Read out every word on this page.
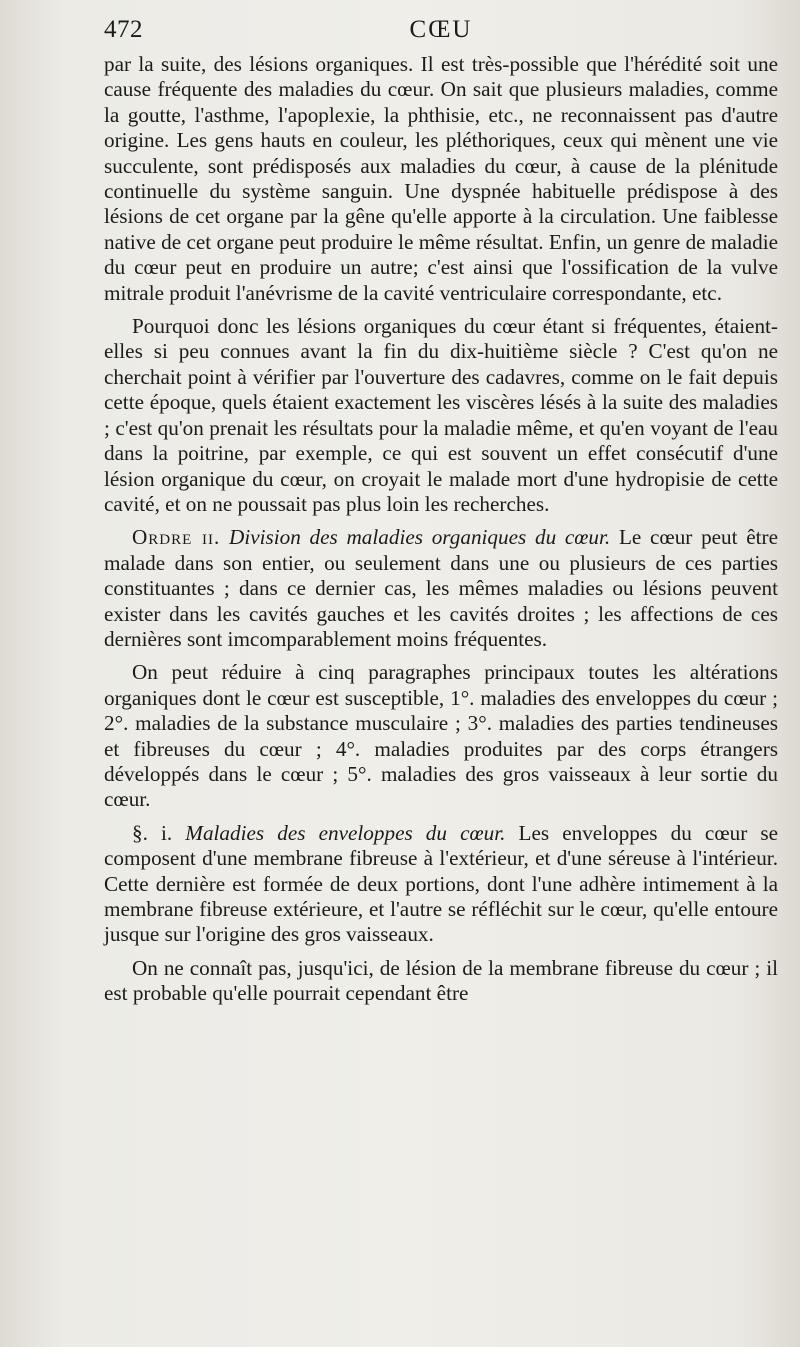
472	CŒU

par la suite, des lésions organiques. Il est très-possible que l'hérédité soit une cause fréquente des maladies du cœur. On sait que plusieurs maladies, comme la goutte, l'asthme, l'apoplexie, la phthisie, etc., ne reconnaissent pas d'autre origine. Les gens hauts en couleur, les pléthoriques, ceux qui mènent une vie succulente, sont prédisposés aux maladies du cœur, à cause de la plénitude continuelle du système sanguin. Une dyspnée habituelle prédispose à des lésions de cet organe par la gêne qu'elle apporte à la circulation. Une faiblesse native de cet organe peut produire le même résultat. Enfin, un genre de maladie du cœur peut en produire un autre; c'est ainsi que l'ossification de la vulve mitrale produit l'anévrisme de la cavité ventriculaire correspondante, etc.

Pourquoi donc les lésions organiques du cœur étant si fréquentes, étaient-elles si peu connues avant la fin du dix-huitième siècle ? C'est qu'on ne cherchait point à vérifier par l'ouverture des cadavres, comme on le fait depuis cette époque, quels étaient exactement les viscères lésés à la suite des maladies ; c'est qu'on prenait les résultats pour la maladie même, et qu'en voyant de l'eau dans la poitrine, par exemple, ce qui est souvent un effet consécutif d'une lésion organique du cœur, on croyait le malade mort d'une hydropisie de cette cavité, et on ne poussait pas plus loin les recherches.

Ordre ii. Division des maladies organiques du cœur. Le cœur peut être malade dans son entier, ou seulement dans une ou plusieurs de ces parties constituantes ; dans ce dernier cas, les mêmes maladies ou lésions peuvent exister dans les cavités gauches et les cavités droites ; les affections de ces dernières sont imcomparablement moins fréquentes.

On peut réduire à cinq paragraphes principaux toutes les altérations organiques dont le cœur est susceptible, 1°. maladies des enveloppes du cœur ; 2°. maladies de la substance musculaire ; 3°. maladies des parties tendineuses et fibreuses du cœur ; 4°. maladies produites par des corps étrangers développés dans le cœur ; 5°. maladies des gros vaisseaux à leur sortie du cœur.

§. i. Maladies des enveloppes du cœur. Les enveloppes du cœur se composent d'une membrane fibreuse à l'extérieur, et d'une séreuse à l'intérieur. Cette dernière est formée de deux portions, dont l'une adhère intimement à la membrane fibreuse extérieure, et l'autre se réfléchit sur le cœur, qu'elle entoure jusque sur l'origine des gros vaisseaux.

On ne connaît pas, jusqu'ici, de lésion de la membrane fibreuse du cœur ; il est probable qu'elle pourrait cependant être
